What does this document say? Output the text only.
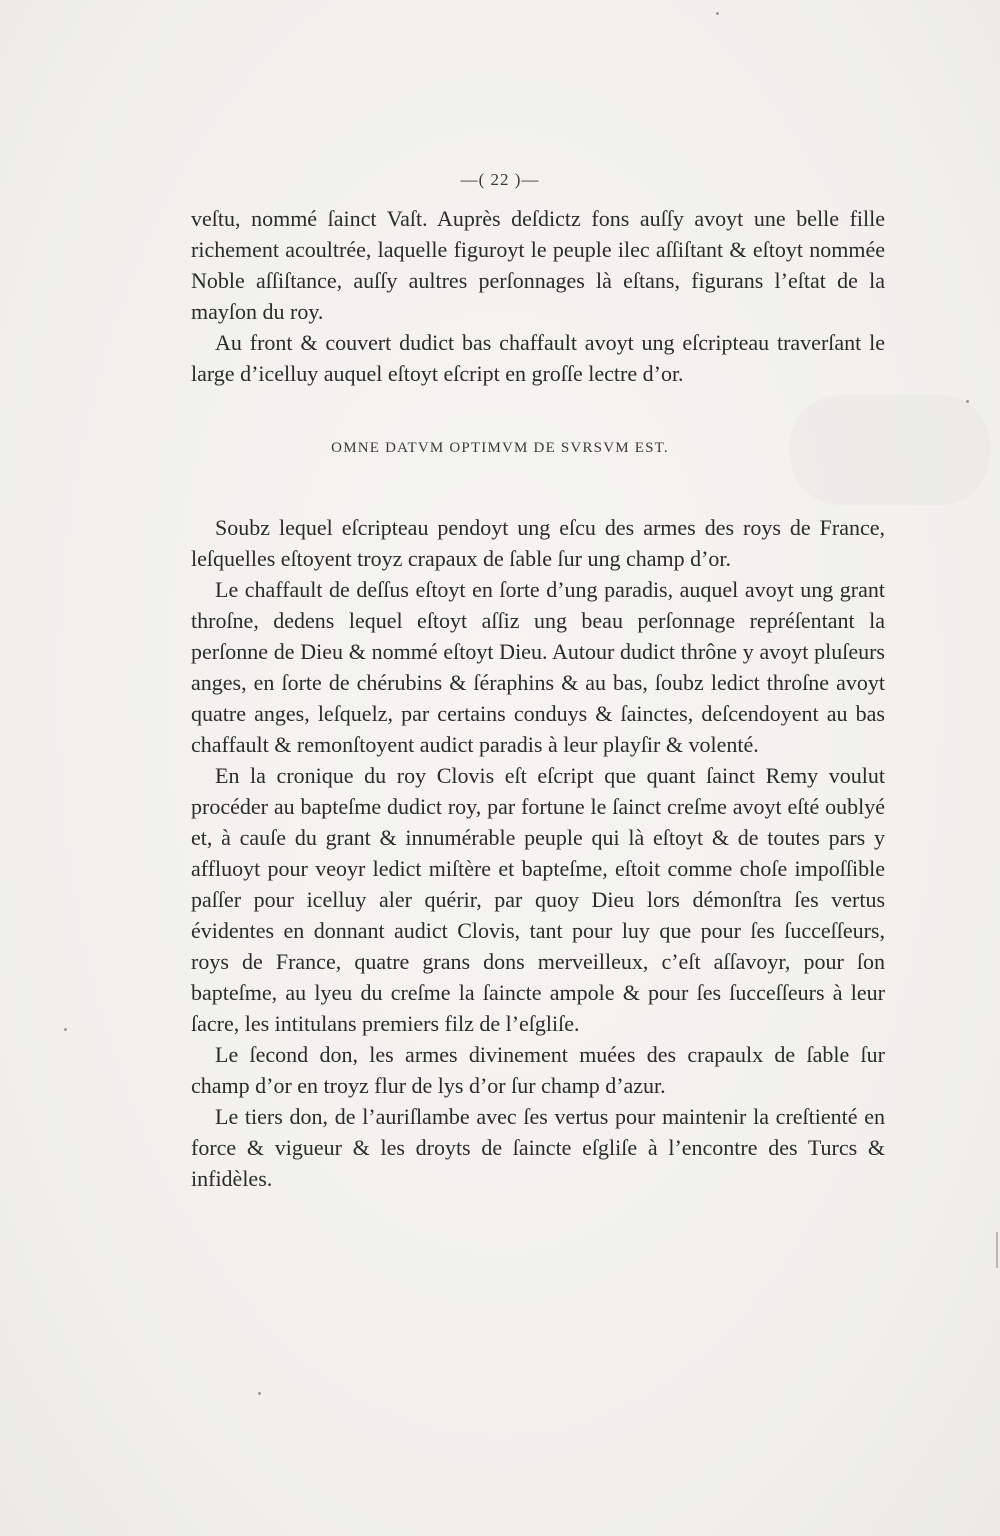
—( 22 )—

veſtu, nommé ſainct Vaſt. Auprès deſdictz fons auſſy avoyt une belle fille richement acoultrée, laquelle figuroyt le peuple ilec aſſiſtant & eſtoyt nommée Noble aſſiſtance, auſſy aultres perſonnages là eſtans, figurans l’eſtat de la mayſon du roy.

Au front & couvert dudict bas chaffault avoyt ung eſcripteau traverſant le large d’icelluy auquel eſtoyt eſcript en groſſe lectre d’or.

OMNE DATVM OPTIMVM DE SVRSVM EST.

Soubz lequel eſcripteau pendoyt ung eſcu des armes des roys de France, leſquelles eſtoyent troyz crapaux de ſable ſur ung champ d’or.

Le chaffault de deſſus eſtoyt en ſorte d’ung paradis, auquel avoyt ung grant throſne, dedens lequel eſtoyt aſſiz ung beau perſonnage repréſentant la perſonne de Dieu & nommé eſtoyt Dieu. Autour dudict thrône y avoyt pluſeurs anges, en ſorte de chérubins & ſéraphins & au bas, ſoubz ledict throſne avoyt quatre anges, leſquelz, par certains conduys & ſainctes, deſcendoyent au bas chaffault & remonſtoyent audict paradis à leur playſir & volenté.

En la cronique du roy Clovis eſt eſcript que quant ſainct Remy voulut procéder au bapteſme dudict roy, par fortune le ſainct creſme avoyt eſté oublyé et, à cauſe du grant & innumérable peuple qui là eſtoyt & de toutes pars y affluoyt pour veoyr ledict miſtère et bapteſme, eſtoit comme choſe impoſſible paſſer pour icelluy aler quérir, par quoy Dieu lors démonſtra ſes vertus évidentes en donnant audict Clovis, tant pour luy que pour ſes ſucceſſeurs, roys de France, quatre grans dons merveilleux, c’eſt aſſavoyr, pour ſon bapteſme, au lyeu du creſme la ſaincte ampole & pour ſes ſucceſſeurs à leur ſacre, les intitulans premiers filz de l’eſgliſe.

Le ſecond don, les armes divinement muées des crapaulx de ſable ſur champ d’or en troyz flur de lys d’or ſur champ d’azur.

Le tiers don, de l’auriſlambe avec ſes vertus pour maintenir la creſtienté en force & vigueur & les droyts de ſaincte eſgliſe à l’encontre des Turcs & infidèles.
